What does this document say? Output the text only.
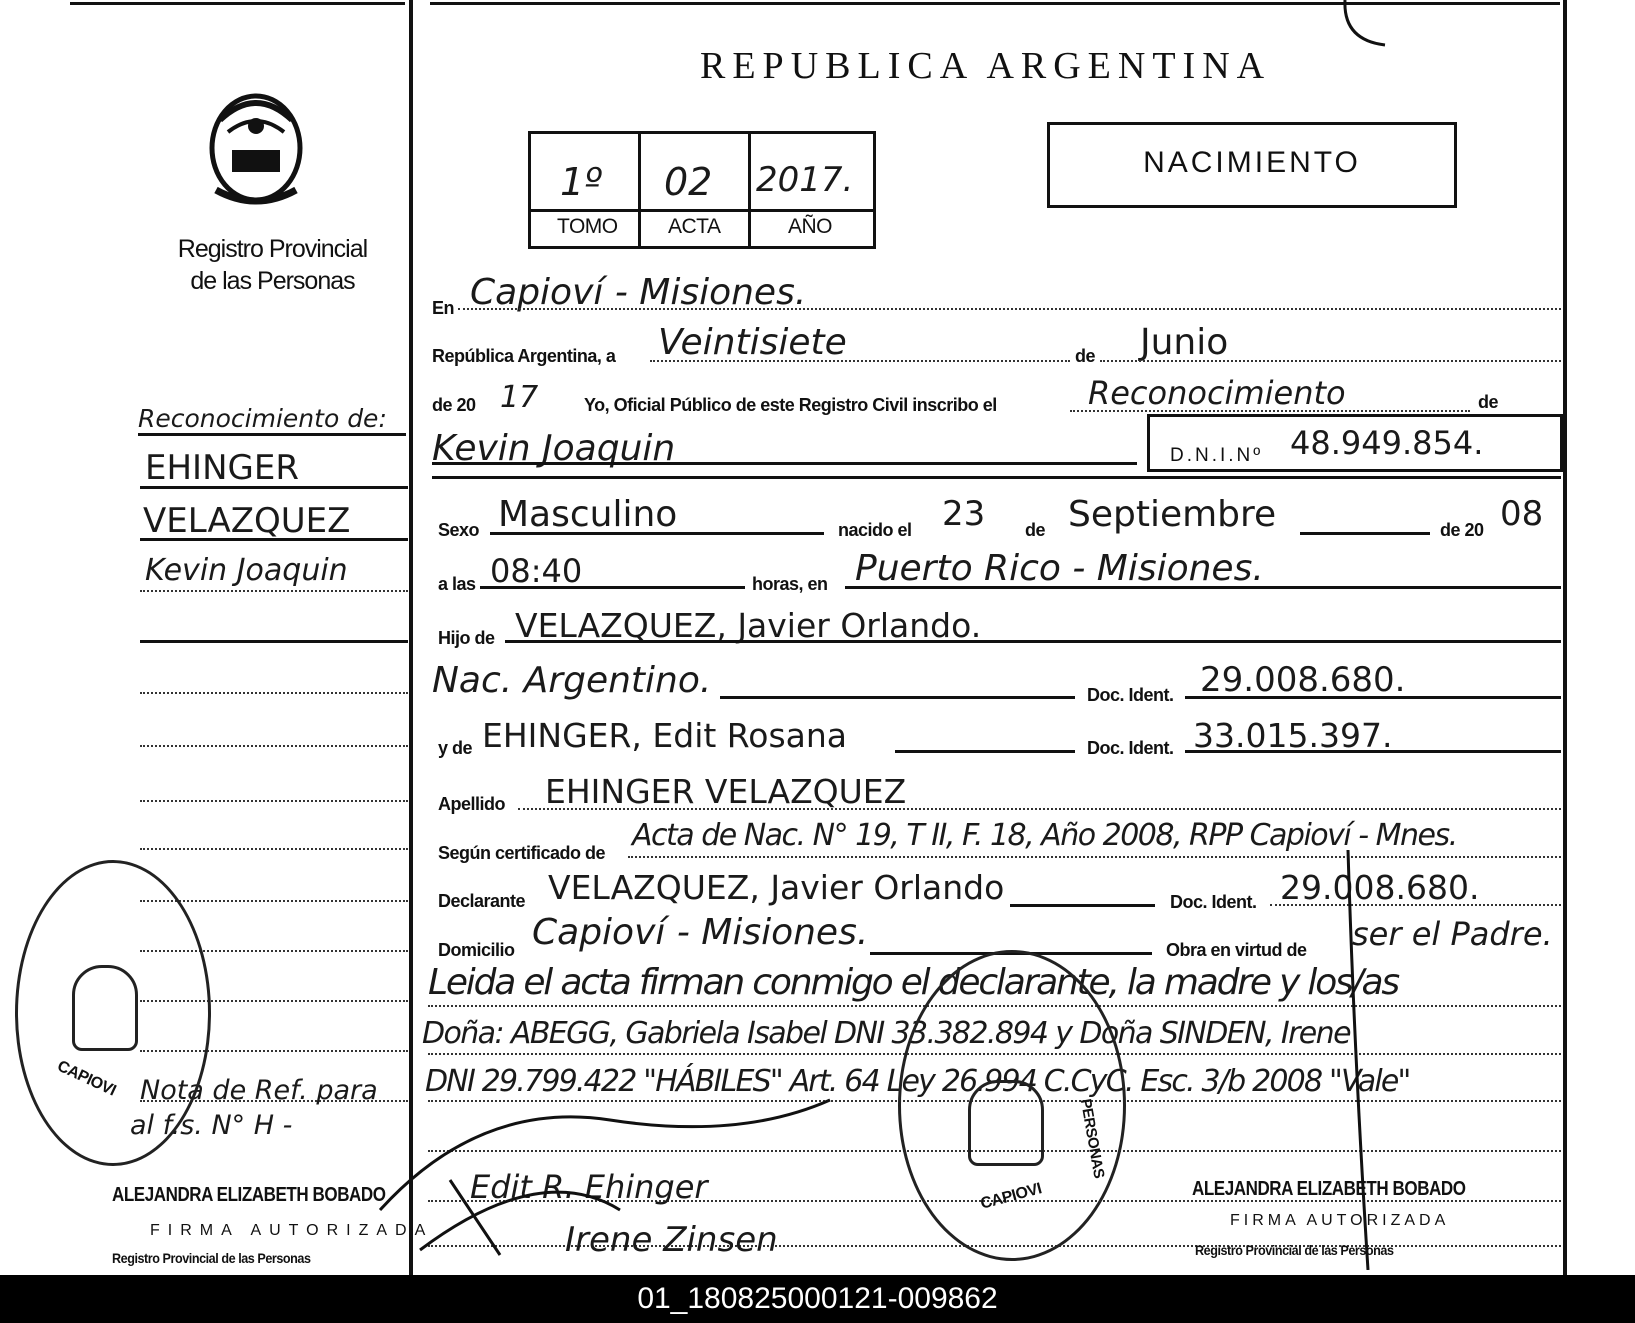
REPUBLICA ARGENTINA
Registro Provincial
de las Personas
1º 02 2017.
TOMO ACTA	AÑO
NACIMIENTO
Reconocimiento de:
EHINGER
VELAZQUEZ
Kevin Joaquin
Nota de Ref. para
al f.s. N° H -
CAPIOVI
ALEJANDRA ELIZABETH BOBADO
FIRMA AUTORIZADA
Registro Provincial de las Personas
En Capioví - Misiones.
República Argentina, a Veintisiete	de Junio
de 20 17	Yo, Oficial Público de este Registro Civil inscribo el	Reconocimiento	de
Kevin Joaquin	D.N.I.Nº 48.949.854.
Sexo Masculino	nacido el 23 de Septiembre	de 20 08
a las 08:40	horas, en Puerto Rico - Misiones.
Hijo de VELAZQUEZ, Javier Orlando.
Nac. Argentino.	Doc. Ident. 29.008.680.
y de EHINGER, Edit Rosana	Doc. Ident. 33.015.397.
Apellido EHINGER VELAZQUEZ
Según certificado de Acta de Nac. N° 19, T II, F. 18, Año 2008, RPP Capioví - Mnes.
Declarante VELAZQUEZ, Javier Orlando	Doc. Ident. 29.008.680.
Domicilio Capioví - Misiones.	Obra en virtud de ser el Padre.
Leida el acta firman conmigo el declarante, la madre y los/as
Doña: ABEGG, Gabriela Isabel DNI 33.382.894 y Doña SINDEN, Irene
DNI 29.799.422 "HÁBILES" Art. 64 Ley 26.994 C.CyC. Esc. 3/b 2008 "Vale"
CAPIOVI
PERSONAS
Edit R. Ehinger
Irene Zinsen
ALEJANDRA ELIZABETH BOBADO
FIRMA AUTORIZADA
Registro Provincial de las Personas
01_180825000121-009862
